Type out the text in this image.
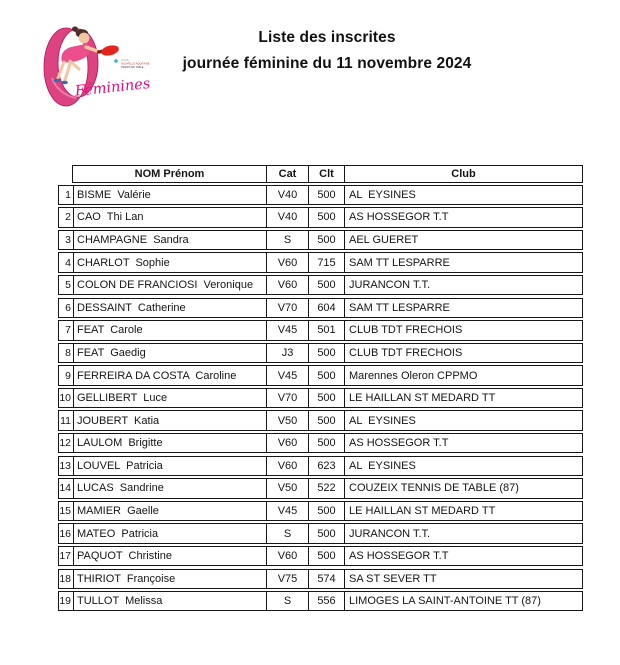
LIGUE
NOUVELLE-AQUITAINE
TENNIS DE TABLE
Féminines
Liste des inscrites
journée féminine du 11 novembre 2024
NOM Prénom	Cat	Clt	Club
1 BISME  Valérie	V40	500	AL  EYSINES
2 CAO  Thi Lan	V40	500	AS HOSSEGOR T.T
3 CHAMPAGNE  Sandra	S	500	AEL GUERET
4 CHARLOT  Sophie	V60	715	SAM TT LESPARRE
5 COLON DE FRANCIOSI  Veronique	V60	500	JURANCON T.T.
6 DESSAINT  Catherine	V70	604	SAM TT LESPARRE
7 FEAT  Carole	V45	501	CLUB TDT FRECHOIS
8 FEAT  Gaedig	J3	500	CLUB TDT FRECHOIS
9 FERREIRA DA COSTA  Caroline	V45	500	Marennes Oleron CPPMO
10 GELLIBERT  Luce	V70	500	LE HAILLAN ST MEDARD TT
11 JOUBERT  Katia	V50	500	AL  EYSINES
12 LAULOM  Brigitte	V60	500	AS HOSSEGOR T.T
13 LOUVEL  Patricia	V60	623	AL  EYSINES
14 LUCAS  Sandrine	V50	522	COUZEIX TENNIS DE TABLE (87)
15 MAMIER  Gaelle	V45	500	LE HAILLAN ST MEDARD TT
16 MATEO  Patricia	S	500	JURANCON T.T.
17 PAQUOT  Christine	V60	500	AS HOSSEGOR T.T
18 THIRIOT  Françoise	V75	574	SA ST SEVER TT
19 TULLOT  Melissa	S	556	LIMOGES LA SAINT-ANTOINE TT (87)
